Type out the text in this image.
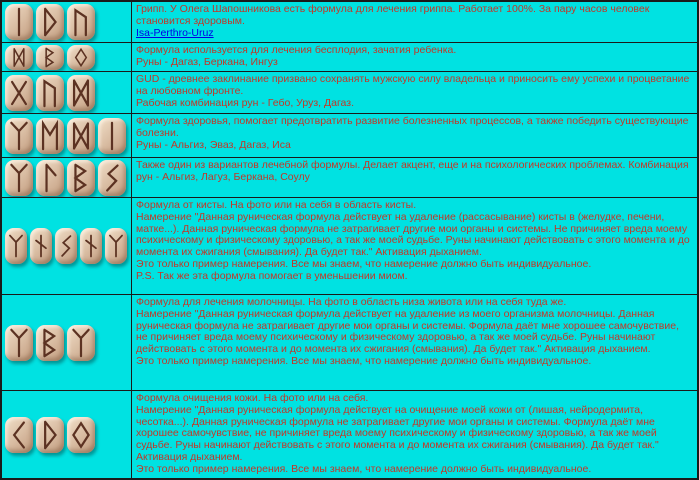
Грипп. У Олега Шапошникова есть формула для лечения гриппа. Работает 100%. За пару часов человек становится здоровым.
Isa-Perthro-Uruz
Формула используется для лечения бесплодия, зачатия ребенка.
Руны - Дагаз, Беркана, Ингуз
GUD - древнее заклинание призвано сохранять мужскую силу владельца и приносить ему успехи и процветание на любовном фронте.
Рабочая комбинация рун - Гебо, Уруз, Дагаз.
Формула здоровья, помогает предотвратить развитие болезненных процессов, а также победить существующие болезни.
Руны - Альгиз, Эваз, Дагаз, Иса
Также один из вариантов лечебной формулы. Делает акцент, еще и на психологических проблемах. Комбинация рун - Альгиз, Лагуз, Беркана, Соулу
Формула от кисты. На фото или на себя в область кисты.
Намерение "Данная руническая формула действует на удаление (рассасывание) кисты в (желудке, печени, матке...). Данная руническая формула не затрагивает другие мои органы и системы. Не причиняет вреда моему психическому и физическому здоровью, а так же моей судьбе. Руны начинают действовать с этого момента и до момента их сжигания (смывания). Да будет так." Активация дыханием.
Это только пример намерения. Все мы знаем, что намерение должно быть индивидуальное.
P.S. Так же эта формула помогает в уменьшении миом.
Формула для лечения молочницы. На фото в область низа живота или на себя туда же.
Намерение "Данная руническая формула действует на удаление из моего организма молочницы. Данная руническая формула не затрагивает другие мои органы и системы. Формула даёт мне хорошее самочувствие, не причиняет вреда моему психическому и физическому здоровью, а так же моей судьбе. Руны начинают действовать с этого момента и до момента их сжигания (смывания). Да будет так." Активация дыханием.
Это только пример намерения. Все мы знаем, что намерение должно быть индивидуальное.
Формула очищения кожи. На фото или на себя.
Намерение "Данная руническая формула действует на очищение моей кожи от (лишая, нейродермита, чесотка...). Данная руническая формула не затрагивает другие мои органы и системы. Формула даёт мне хорошее самочувствие, не причиняет вреда моему психическому и физическому здоровью, а так же моей судьбе. Руны начинают действовать с этого момента и до момента их сжигания (смывания). Да будет так." Активация дыханием.
Это только пример намерения. Все мы знаем, что намерение должно быть индивидуальное.
